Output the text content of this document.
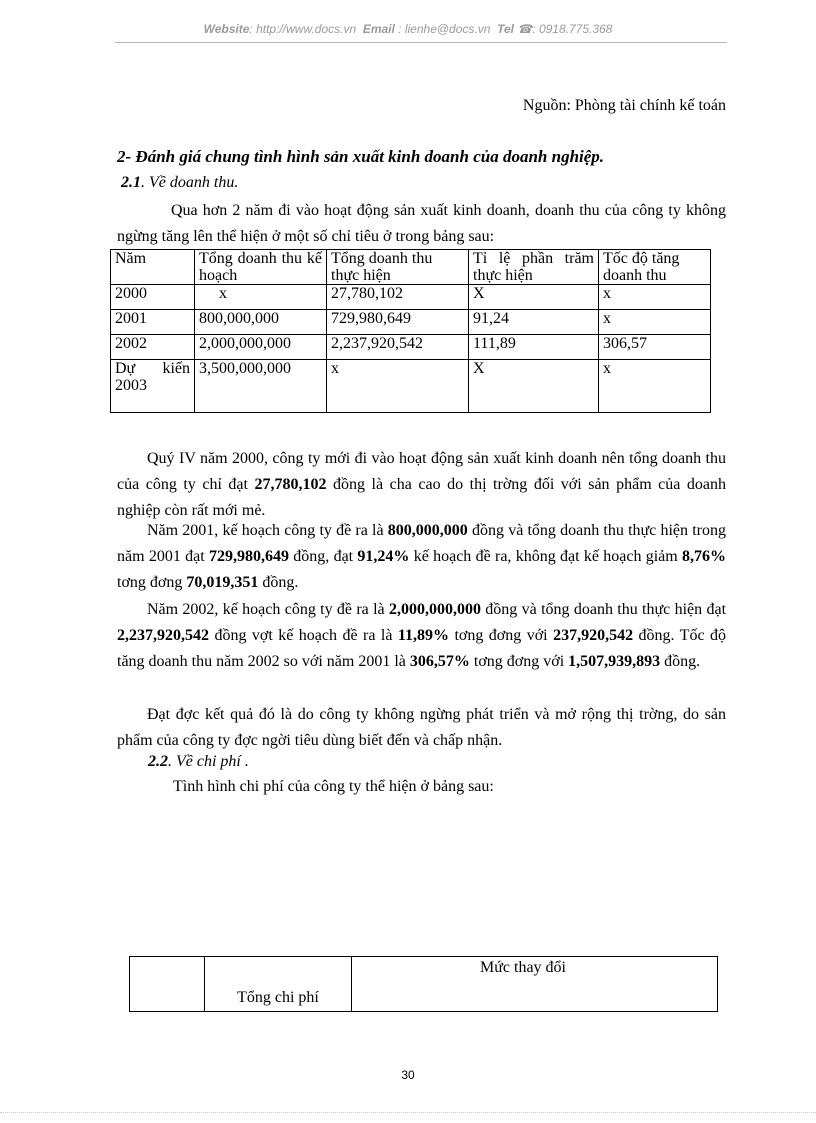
Website: http://www.docs.vn Email : lienhe@docs.vn Tel ☎: 0918.775.368
Nguồn: Phòng tài chính kế toán
2- Đánh giá chung tình hình sản xuất kinh doanh của doanh nghiệp.
2.1. Về doanh thu.
Qua hơn 2 năm đi vào hoạt động sản xuất kinh doanh, doanh thu của công ty không ngừng tăng lên thể hiện ở một số chỉ tiêu ở trong bảng sau:
Năm	Tổng doanh thu kế hoạch	Tổng doanh thu thực hiện	Tỉ lệ phần trăm thực hiện	Tốc độ tăng doanh thu
2000	x	27,780,102	X	x
2001	800,000,000	729,980,649	91,24	x
2002	2,000,000,000	2,237,920,542	111,89	306,57
Dự kiến 2003	3,500,000,000	x	X	x
Quý IV năm 2000, công ty mới đi vào hoạt động sản xuất kinh doanh nên tổng doanh thu của công ty chỉ đạt 27,780,102 đồng là cha cao do thị trờng đối với sản phẩm của doanh nghiệp còn rất mới mẻ.
Năm 2001, kế hoạch công ty đề ra là 800,000,000 đồng và tổng doanh thu thực hiện trong năm 2001 đạt 729,980,649 đồng, đạt 91,24% kế hoạch đề ra, không đạt kế hoạch giảm 8,76% tơng đơng 70,019,351 đồng.
Năm 2002, kế hoạch công ty đề ra là 2,000,000,000 đồng và tổng doanh thu thực hiện đạt 2,237,920,542 đồng vợt kế hoạch đề ra là 11,89% tơng đơng với 237,920,542 đồng. Tốc độ tăng doanh thu năm 2002 so với năm 2001 là 306,57% tơng đơng với 1,507,939,893 đồng.
Đạt đợc kết quả đó là do công ty không ngừng phát triển và mở rộng thị trờng, do sản phẩm của công ty đợc ngời tiêu dùng biết đến và chấp nhận.
2.2. Về chi phí .
Tình hình chi phí của công ty thể hiện ở bảng sau:
	Tổng chi phí	Mức thay đổi
30
